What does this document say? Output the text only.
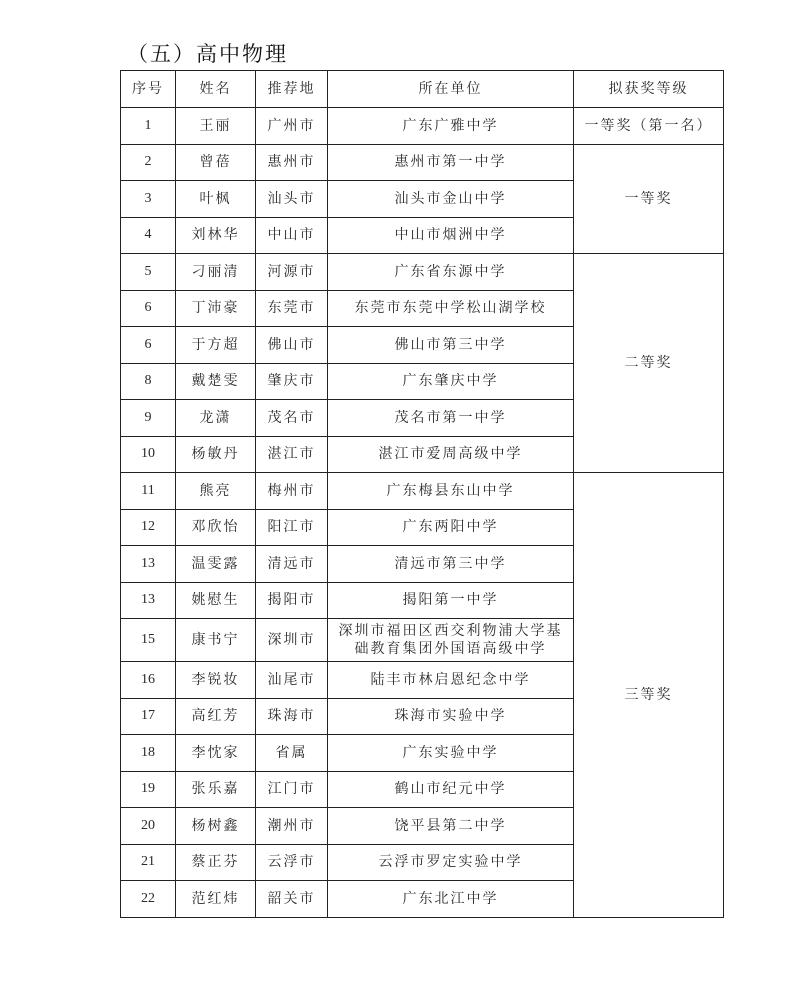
（五）高中物理
序号	姓名	推荐地	所在单位	拟获奖等级
1	王丽	广州市	广东广雅中学	一等奖（第一名）
2	曾蓓	惠州市	惠州市第一中学	一等奖
3	叶枫	汕头市	汕头市金山中学	
4	刘林华	中山市	中山市烟洲中学	
5	刁丽清	河源市	广东省东源中学	二等奖
6	丁沛豪	东莞市	东莞市东莞中学松山湖学校	
6	于方超	佛山市	佛山市第三中学	
8	戴楚雯	肇庆市	广东肇庆中学	
9	龙潇	茂名市	茂名市第一中学	
10	杨敏丹	湛江市	湛江市爱周高级中学	
11	熊亮	梅州市	广东梅县东山中学	三等奖
12	邓欣怡	阳江市	广东两阳中学	
13	温雯露	清远市	清远市第三中学	
13	姚慰生	揭阳市	揭阳第一中学	
15	康书宁	深圳市	深圳市福田区西交利物浦大学基
础教育集团外国语高级中学	

16	李锐妆	汕尾市	陆丰市林启恩纪念中学	
17	高红芳	珠海市	珠海市实验中学	
18	李忱家	省属	广东实验中学	
19	张乐嘉	江门市	鹤山市纪元中学	
20	杨树鑫	潮州市	饶平县第二中学	
21	蔡正芬	云浮市	云浮市罗定实验中学	
22	范红炜	韶关市	广东北江中学	
